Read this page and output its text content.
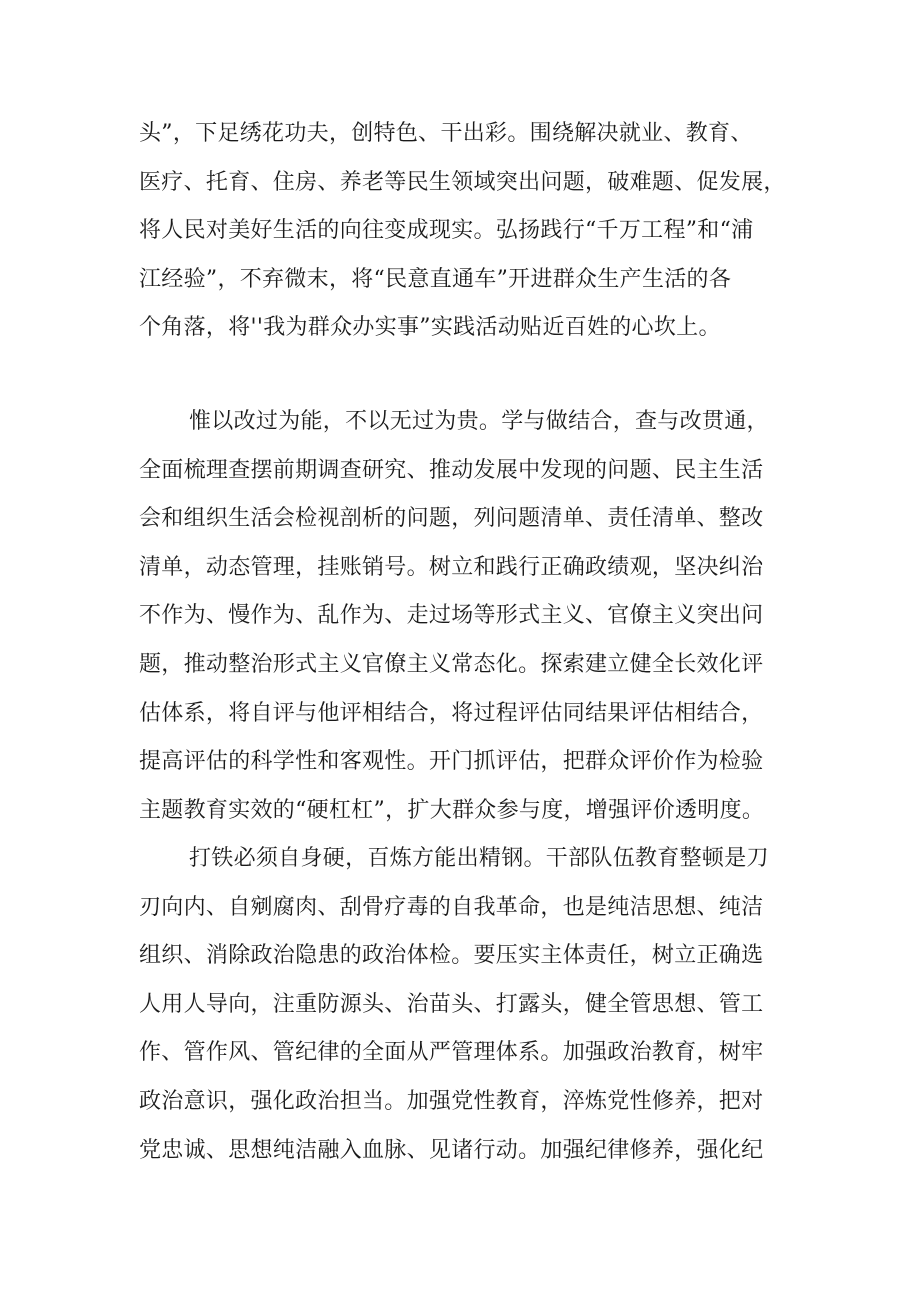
头”，下足绣花功夫，创特色、干出彩。围绕解决就业、教育、
医疗、托育、住房、养老等民生领域突出问题，破难题、促发展，
将人民对美好生活的向往变成现实。弘扬践行“千万工程”和“浦
江经验”，不弃微末，将“民意直通车”开进群众生产生活的各
个角落，将''我为群众办实事”实践活动贴近百姓的心坎上。
惟以改过为能，不以无过为贵。学与做结合，查与改贯通，
全面梳理查摆前期调查研究、推动发展中发现的问题、民主生活
会和组织生活会检视剖析的问题，列问题清单、责任清单、整改
清单，动态管理，挂账销号。树立和践行正确政绩观，坚决纠治
不作为、慢作为、乱作为、走过场等形式主义、官僚主义突出问
题，推动整治形式主义官僚主义常态化。探索建立健全长效化评
估体系，将自评与他评相结合，将过程评估同结果评估相结合，
提高评估的科学性和客观性。开门抓评估，把群众评价作为检验
主题教育实效的“硬杠杠”，扩大群众参与度，增强评价透明度。
打铁必须自身硬，百炼方能出精钢。干部队伍教育整顿是刀
刃向内、自剜腐肉、刮骨疗毒的自我革命，也是纯洁思想、纯洁
组织、消除政治隐患的政治体检。要压实主体责任，树立正确选
人用人导向，注重防源头、治苗头、打露头，健全管思想、管工
作、管作风、管纪律的全面从严管理体系。加强政治教育，树牢
政治意识，强化政治担当。加强党性教育，淬炼党性修养，把对
党忠诚、思想纯洁融入血脉、见诸行动。加强纪律修养，强化纪
